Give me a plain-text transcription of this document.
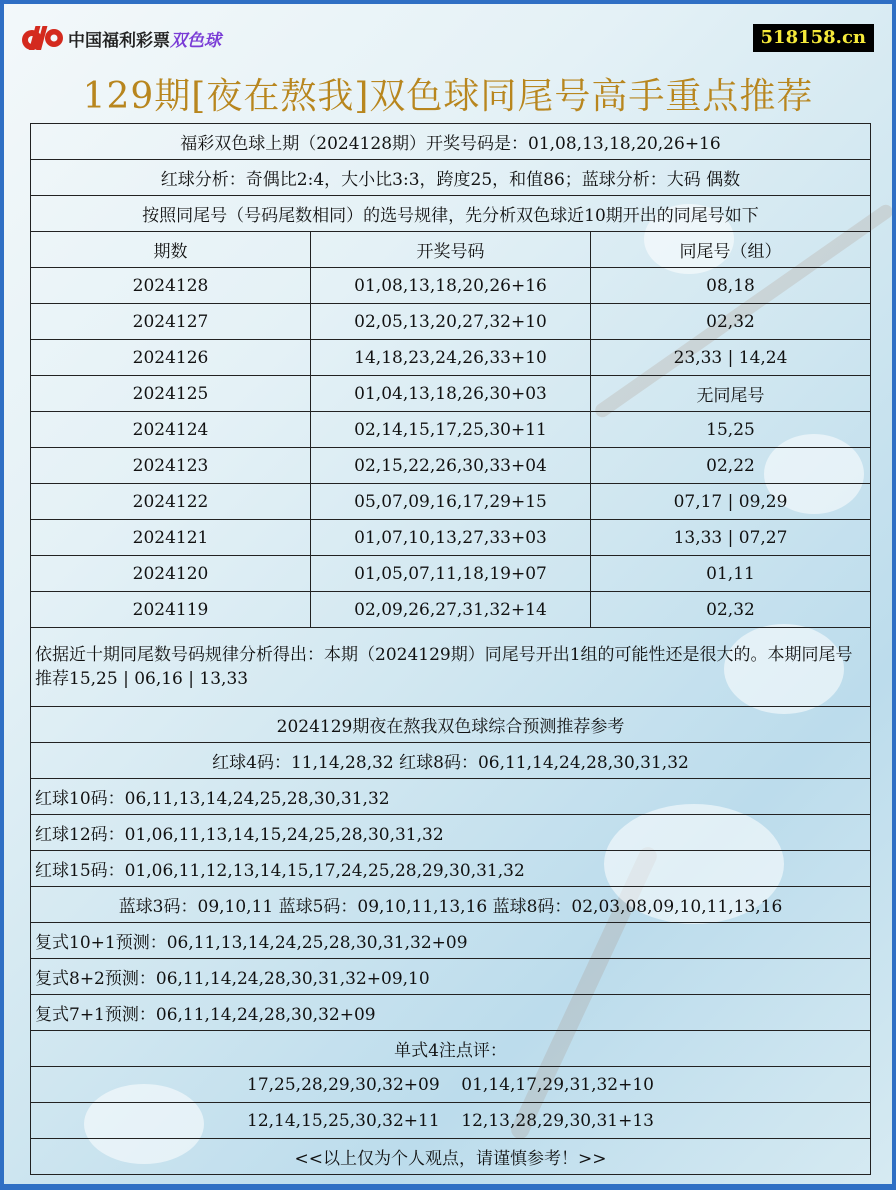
中国福利彩票双色球	518158.cn
129期[夜在熬我]双色球同尾号高手重点推荐
福彩双色球上期（2024128期）开奖号码是：01,08,13,18,20,26+16		
红球分析：奇偶比2:4，大小比3:3，跨度25，和值86；蓝球分析：大码 偶数		
按照同尾号（号码尾数相同）的选号规律，先分析双色球近10期开出的同尾号如下		
期数	开奖号码	同尾号（组）
2024128	01,08,13,18,20,26+16	08,18
2024127	02,05,13,20,27,32+10	02,32
2024126	14,18,23,24,26,33+10	23,33 | 14,24
2024125	01,04,13,18,26,30+03	无同尾号
2024124	02,14,15,17,25,30+11	15,25
2024123	02,15,22,26,30,33+04	02,22
2024122	05,07,09,16,17,29+15	07,17 | 09,29
2024121	01,07,10,13,27,33+03	13,33 | 07,27
2024120	01,05,07,11,18,19+07	01,11
2024119	02,09,26,27,31,32+14	02,32
依据近十期同尾数号码规律分析得出：本期（2024129期）同尾号开出1组的可能性还是很大的。本期同尾号推荐15,25 | 06,16 | 13,33		
2024129期夜在熬我双色球综合预测推荐参考		
红球4码：11,14,28,32 红球8码：06,11,14,24,28,30,31,32		
红球10码：06,11,13,14,24,25,28,30,31,32		
红球12码：01,06,11,13,14,15,24,25,28,30,31,32		
红球15码：01,06,11,12,13,14,15,17,24,25,28,29,30,31,32		
蓝球3码：09,10,11 蓝球5码：09,10,11,13,16 蓝球8码：02,03,08,09,10,11,13,16		
复式10+1预测：06,11,13,14,24,25,28,30,31,32+09		
复式8+2预测：06,11,14,24,28,30,31,32+09,10		
复式7+1预测：06,11,14,24,28,30,32+09		
单式4注点评：		
17,25,28,29,30,32+09    01,14,17,29,31,32+10		
12,14,15,25,30,32+11    12,13,28,29,30,31+13		
<<以上仅为个人观点，请谨慎参考！>>		
